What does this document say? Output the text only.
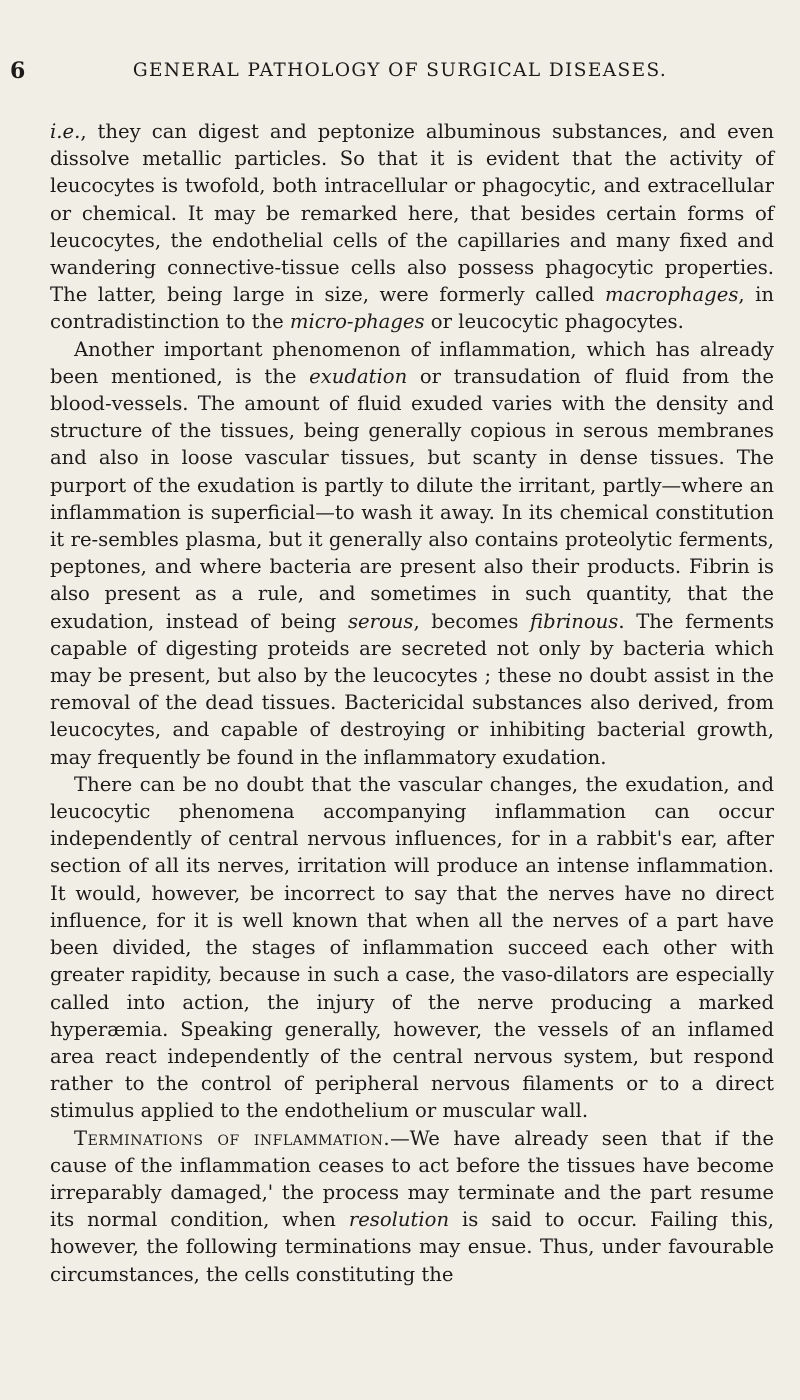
6	GENERAL PATHOLOGY OF SURGICAL DISEASES.

i.e., they can digest and peptonize albuminous substances, and even dissolve metallic particles. So that it is evident that the activity of leucocytes is twofold, both intracellular or phagocytic, and extracellular or chemical. It may be remarked here, that besides certain forms of leucocytes, the endothelial cells of the capillaries and many fixed and wandering connective-tissue cells also possess phagocytic properties. The latter, being large in size, were formerly called macrophages, in contradistinction to the micro-phages or leucocytic phagocytes.

Another important phenomenon of inflammation, which has already been mentioned, is the exudation or transudation of fluid from the blood-vessels. The amount of fluid exuded varies with the density and structure of the tissues, being generally copious in serous membranes and also in loose vascular tissues, but scanty in dense tissues. The purport of the exudation is partly to dilute the irritant, partly—where an inflammation is superficial—to wash it away. In its chemical constitution it re-sembles plasma, but it generally also contains proteolytic ferments, peptones, and where bacteria are present also their products. Fibrin is also present as a rule, and sometimes in such quantity, that the exudation, instead of being serous, becomes fibrinous. The ferments capable of digesting proteids are secreted not only by bacteria which may be present, but also by the leucocytes ; these no doubt assist in the removal of the dead tissues. Bactericidal substances also derived, from leucocytes, and capable of destroying or inhibiting bacterial growth, may frequently be found in the inflammatory exudation.

There can be no doubt that the vascular changes, the exudation, and leucocytic phenomena accompanying inflammation can occur independently of central nervous influences, for in a rabbit's ear, after section of all its nerves, irritation will produce an intense inflammation. It would, however, be incorrect to say that the nerves have no direct influence, for it is well known that when all the nerves of a part have been divided, the stages of inflammation succeed each other with greater rapidity, because in such a case, the vaso-dilators are especially called into action, the injury of the nerve producing a marked hyperæmia. Speaking generally, however, the vessels of an inflamed area react independently of the central nervous system, but respond rather to the control of peripheral nervous filaments or to a direct stimulus applied to the endothelium or muscular wall.

Terminations of inflammation.—We have already seen that if the cause of the inflammation ceases to act before the tissues have become irreparably damaged,' the process may terminate and the part resume its normal condition, when resolution is said to occur. Failing this, however, the following terminations may ensue. Thus, under favourable circumstances, the cells constituting the
